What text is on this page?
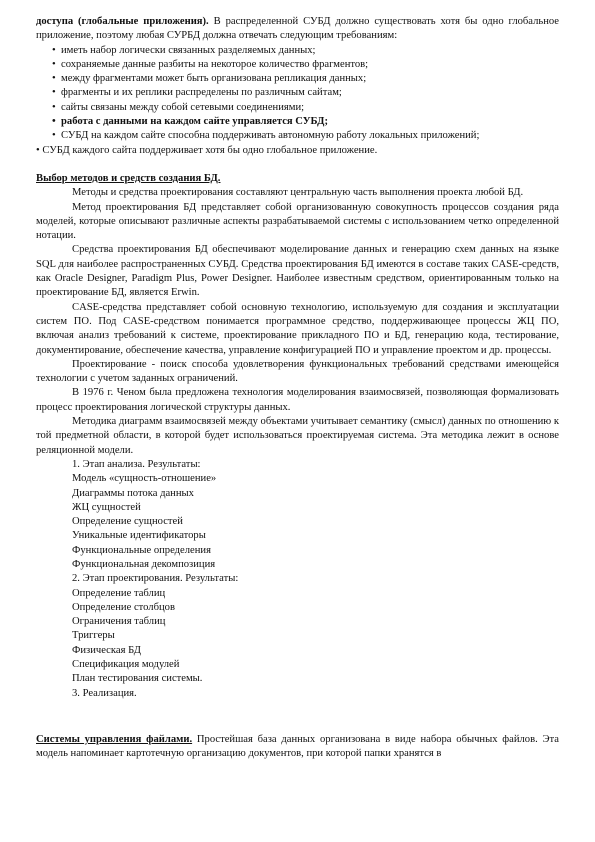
доступа (глобальные приложения). В распределенной СУБД должно существовать хотя бы одно глобальное приложение, поэтому любая СУРБД должна отвечать следующим требованиям:

• иметь набор логически связанных разделяемых данных;

• сохраняемые данные разбиты на некоторое количество фрагментов;

• между фрагментами может быть организована репликация данных;

• фрагменты и их реплики распределены по различным сайтам;

• сайты связаны между собой сетевыми соединениями;

• работа с данными на каждом сайте управляется СУБД;

• СУБД на каждом сайте способна поддерживать автономную работу локальных приложений;

• СУБД каждого сайта поддерживает хотя бы одно глобальное приложение.

Выбор методов и средств создания БД.

Методы и средства проектирования составляют центральную часть выполнения проекта любой БД.

Метод проектирования БД представляет собой организованную совокупность процессов создания ряда моделей, которые описывают различные аспекты разрабатываемой системы с использованием четко определенной нотации.

Средства проектирования БД обеспечивают моделирование данных и генерацию схем данных на языке SQL для наиболее распространенных СУБД. Средства проектирования БД имеются в составе таких CASE-средств, как Oracle Designer, Paradigm Plus, Power Designer. Наиболее известным средством, ориентированным только на проектирование БД, является Erwin.

CASE-средства представляет собой основную технологию, используемую для создания и эксплуатации систем ПО. Под CASE-средством понимается программное средство, поддерживающее процессы ЖЦ ПО, включая анализ требований к системе, проектирование прикладного ПО и БД, генерацию кода, тестирование, документирование, обеспечение качества, управление конфигурацией ПО и управление проектом и др. процессы.

Проектирование - поиск способа удовлетворения функциональных требований средствами имеющейся технологии с учетом заданных ограничений.

В 1976 г. Ченом была предложена технология моделирования взаимосвязей, позволяющая формализовать процесс проектирования логической структуры данных.

Методика диаграмм взаимосвязей между объектами учитывает семантику (смысл) данных по отношению к той предметной области, в которой будет использоваться проектируемая система. Эта методика лежит в основе реляционной модели.

1. Этап анализа. Результаты:

Модель «сущность-отношение»

Диаграммы потока данных

ЖЦ сущностей

Определение сущностей

Уникальные идентификаторы

Функциональные определения

Функциональная декомпозиция

2. Этап проектирования. Результаты:

Определение таблиц

Определение столбцов

Ограничения таблиц

Триггеры

Физическая БД

Спецификация модулей

План тестирования системы.

3. Реализация.

Системы управления файлами. Простейшая база данных организована в виде набора обычных файлов. Эта модель напоминает картотечную организацию документов, при которой папки хранятся в
